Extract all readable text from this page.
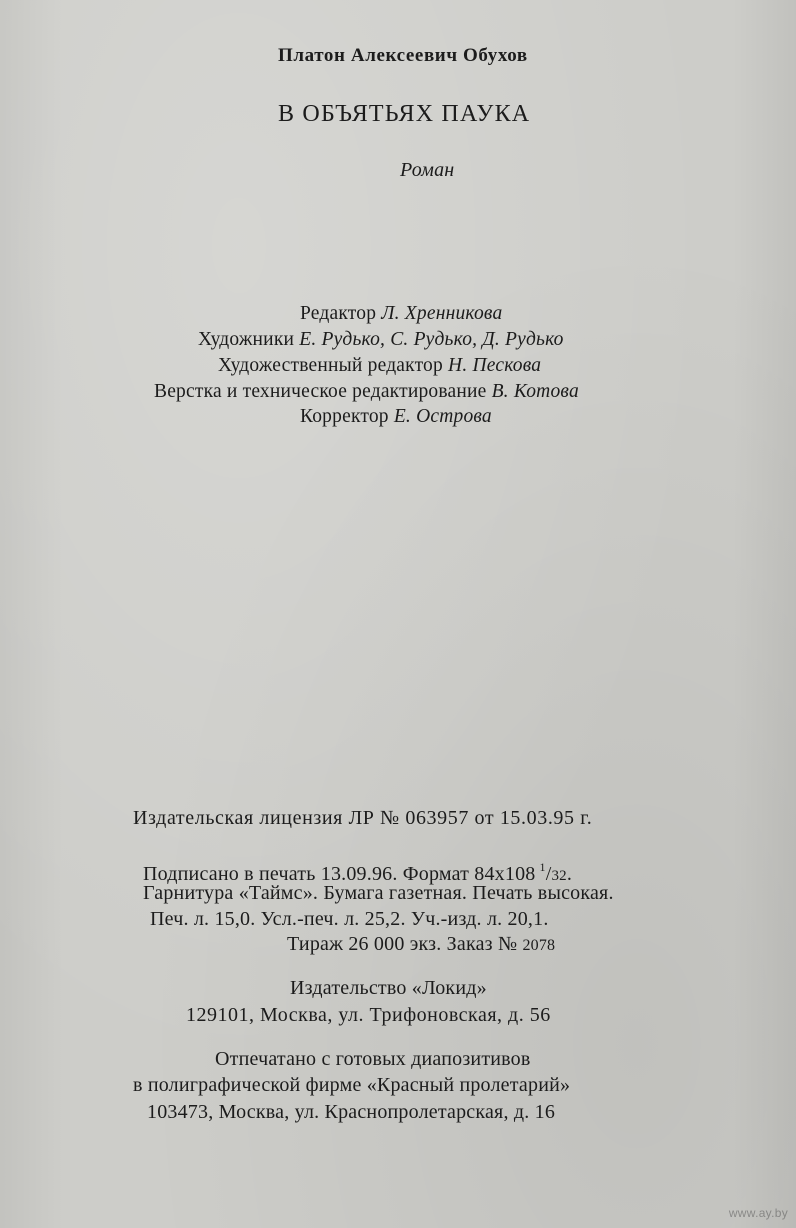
Платон Алексеевич Обухов
В ОБЪЯТЬЯХ ПАУКА
Роман
Редактор Л. Хренникова
Художники Е. Рудько, С. Рудько, Д. Рудько
Художественный редактор Н. Пескова
Верстка и техническое редактирование В. Котова
Корректор Е. Острова
Издательская лицензия ЛР № 063957 от 15.03.95 г.
Подписано в печать 13.09.96. Формат 84x108 $^1$/32.
Гарнитура «Таймс». Бумага газетная. Печать высокая.
Печ. л. 15,0. Усл.-печ. л. 25,2. Уч.-изд. л. 20,1.
Тираж 26 000 экз. Заказ № 2078
Издательство «Локид»
129101, Москва, ул. Трифоновская, д. 56
Отпечатано с готовых диапозитивов
в полиграфической фирме «Красный пролетарий»
103473, Москва, ул. Краснопролетарская, д. 16
www.ay.by
